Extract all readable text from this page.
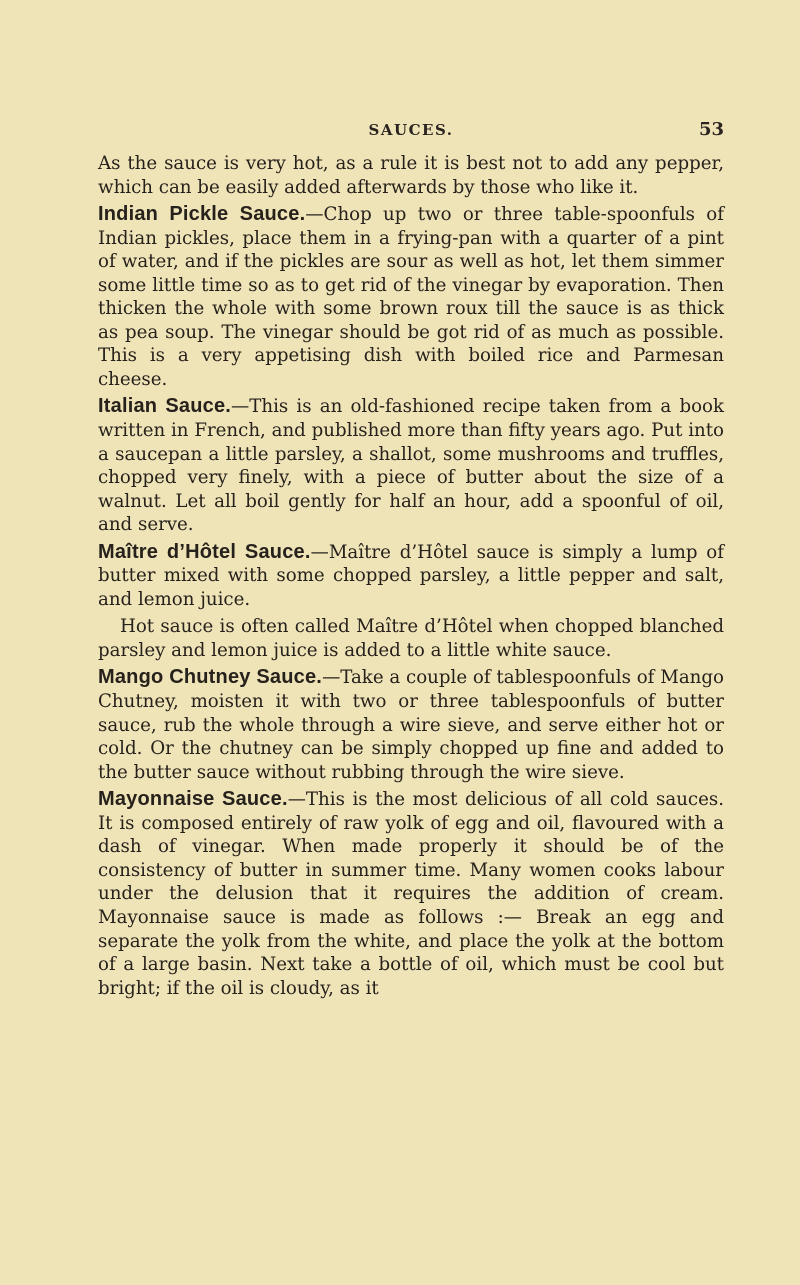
SAUCES.	53

As the sauce is very hot, as a rule it is best not to add any pepper, which can be easily added afterwards by those who like it.

Indian Pickle Sauce.—Chop up two or three table-spoonfuls of Indian pickles, place them in a frying-pan with a quarter of a pint of water, and if the pickles are sour as well as hot, let them simmer some little time so as to get rid of the vinegar by evaporation. Then thicken the whole with some brown roux till the sauce is as thick as pea soup. The vinegar should be got rid of as much as possible. This is a very appetising dish with boiled rice and Parmesan cheese.

Italian Sauce.—This is an old-fashioned recipe taken from a book written in French, and published more than fifty years ago. Put into a saucepan a little parsley, a shallot, some mushrooms and truffles, chopped very finely, with a piece of butter about the size of a walnut. Let all boil gently for half an hour, add a spoonful of oil, and serve.

Maître d’Hôtel Sauce.—Maître d’Hôtel sauce is simply a lump of butter mixed with some chopped parsley, a little pepper and salt, and lemon juice.

Hot sauce is often called Maître d’Hôtel when chopped blanched parsley and lemon juice is added to a little white sauce.

Mango Chutney Sauce.—Take a couple of tablespoonfuls of Mango Chutney, moisten it with two or three tablespoonfuls of butter sauce, rub the whole through a wire sieve, and serve either hot or cold. Or the chutney can be simply chopped up fine and added to the butter sauce without rubbing through the wire sieve.

Mayonnaise Sauce.—This is the most delicious of all cold sauces. It is composed entirely of raw yolk of egg and oil, flavoured with a dash of vinegar. When made properly it should be of the consistency of butter in summer time. Many women cooks labour under the delusion that it requires the addition of cream. Mayonnaise sauce is made as follows :— Break an egg and separate the yolk from the white, and place the yolk at the bottom of a large basin. Next take a bottle of oil, which must be cool but bright; if the oil is cloudy, as it
